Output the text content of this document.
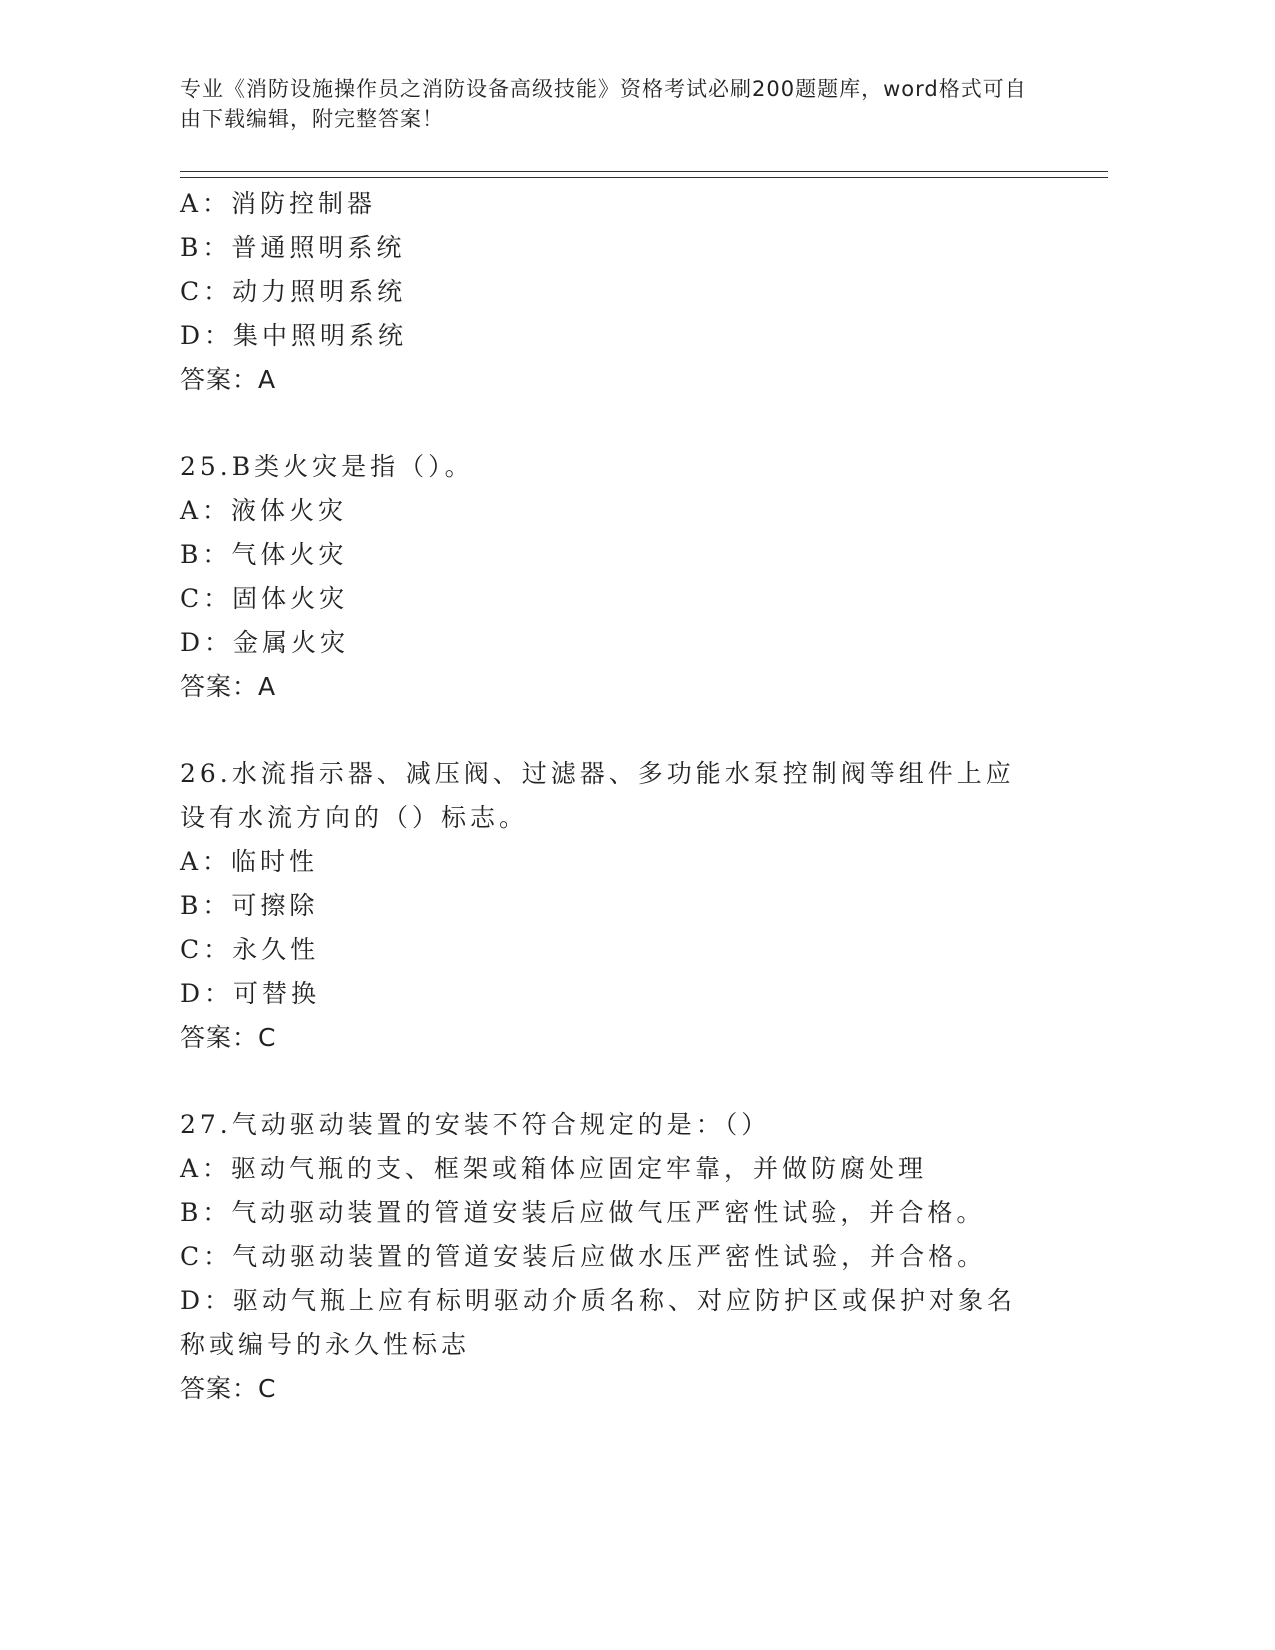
专业《消防设施操作员之消防设备高级技能》资格考试必刷200题题库，word格式可自由下载编辑，附完整答案！
A：消防控制器
B：普通照明系统
C：动力照明系统
D：集中照明系统
答案：A
25.B类火灾是指（）。
A：液体火灾
B：气体火灾
C：固体火灾
D：金属火灾
答案：A
26.水流指示器、减压阀、过滤器、多功能水泵控制阀等组件上应设有水流方向的（）标志。
A：临时性
B：可擦除
C：永久性
D：可替换
答案：C
27.气动驱动装置的安装不符合规定的是：（）
A：驱动气瓶的支、框架或箱体应固定牢靠，并做防腐处理
B：气动驱动装置的管道安装后应做气压严密性试验，并合格。
C：气动驱动装置的管道安装后应做水压严密性试验，并合格。
D：驱动气瓶上应有标明驱动介质名称、对应防护区或保护对象名称或编号的永久性标志
答案：C
